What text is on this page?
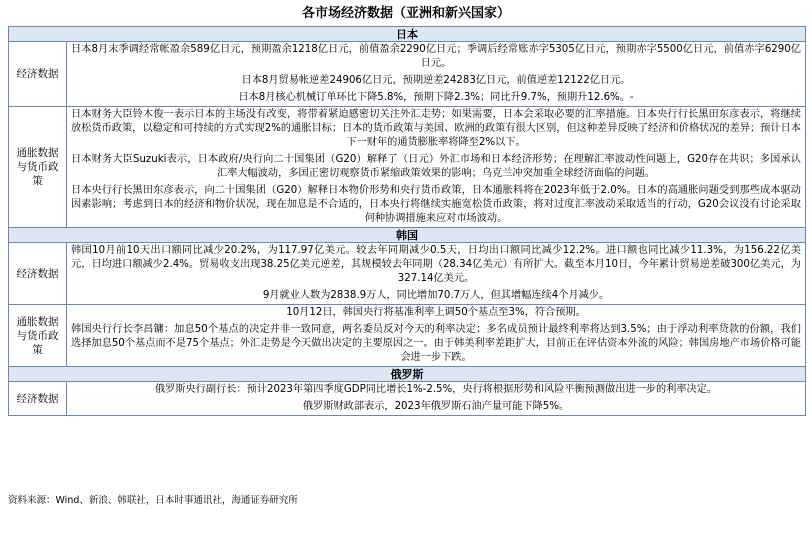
各市场经济数据（亚洲和新兴国家）
日本
经济数据
日本8月末季调经常帐盈余589亿日元，预期盈余1218亿日元，前值盈余2290亿日元；季调后经常账赤字5305亿日元，预期赤字5500亿日元，前值赤字6290亿日元。
日本8月贸易帐逆差24906亿日元，预期逆差24283亿日元，前值逆差12122亿日元。
日本8月核心机械订单环比下降5.8%，预期下降2.3%；同比升9.7%，预期升12.6%。-
通胀数据与货币政策
日本财务大臣铃木俊一表示日本的主场没有改变，将带着紧迫感密切关注外汇走势；如果需要，日本会采取必要的汇率措施。日本央行行长黑田东彦表示，将继续放松货币政策，以稳定和可持续的方式实现2%的通胀目标；日本的货币政策与美国、欧洲的政策有很大区别，但这种差异反映了经济和价格状况的差异；预计日本下一财年的通货膨胀率将降至2%以下。
日本财务大臣Suzuki表示，日本政府/央行向二十国集团（G20）解释了（日元）外汇市场和日本经济形势；在理解汇率波动性问题上，G20存在共识；多国承认汇率大幅波动，多国正密切观察货币紧缩政策效果的影响；乌克兰冲突加重全球经济面临的问题。
日本央行行长黑田东彦表示，向二十国集团（G20）解释日本物价形势和央行货币政策，日本通胀料将在2023年低于2.0%。日本的高通胀问题受到那些成本驱动因素影响；考虑到日本的经济和物价状况，现在加息是不合适的，日本央行将继续实施宽松货币政策，将对过度汇率波动采取适当的行动，G20会议没有讨论采取何种协调措施来应对市场波动。
韩国
经济数据
韩国10月前10天出口额同比减少20.2%，为117.97亿美元。较去年同期减少0.5天，日均出口额同比减少12.2%。进口额也同比减少11.3%，为156.22亿美元，日均进口额减少2.4%。贸易收支出现38.25亿美元逆差，其规模较去年同期（28.34亿美元）有所扩大。截至本月10日，今年累计贸易逆差破300亿美元，为327.14亿美元。
9月就业人数为2838.9万人，同比增加70.7万人，但其增幅连续4个月减少。
通胀数据与货币政策
10月12日，韩国央行将基准利率上调50个基点至3%，符合预期。
韩国央行行长李昌镛：加息50个基点的决定并非一致同意，两名委员反对今天的利率决定；多名成员预计最终利率将达到3.5%；由于浮动利率贷款的份额，我们选择加息50个基点而不是75个基点；外汇走势是今天做出决定的主要原因之一。由于韩美利率差距扩大，目前正在评估资本外流的风险；韩国房地产市场价格可能会进一步下跌。
俄罗斯
经济数据
俄罗斯央行副行长：预计2023年第四季度GDP同比增长1%-2.5%，央行将根据形势和风险平衡预测做出进一步的利率决定。
俄罗斯财政部表示，2023年俄罗斯石油产量可能下降5%。
资料来源：Wind、新浪、韩联社，日本时事通讯社，海通证券研究所
